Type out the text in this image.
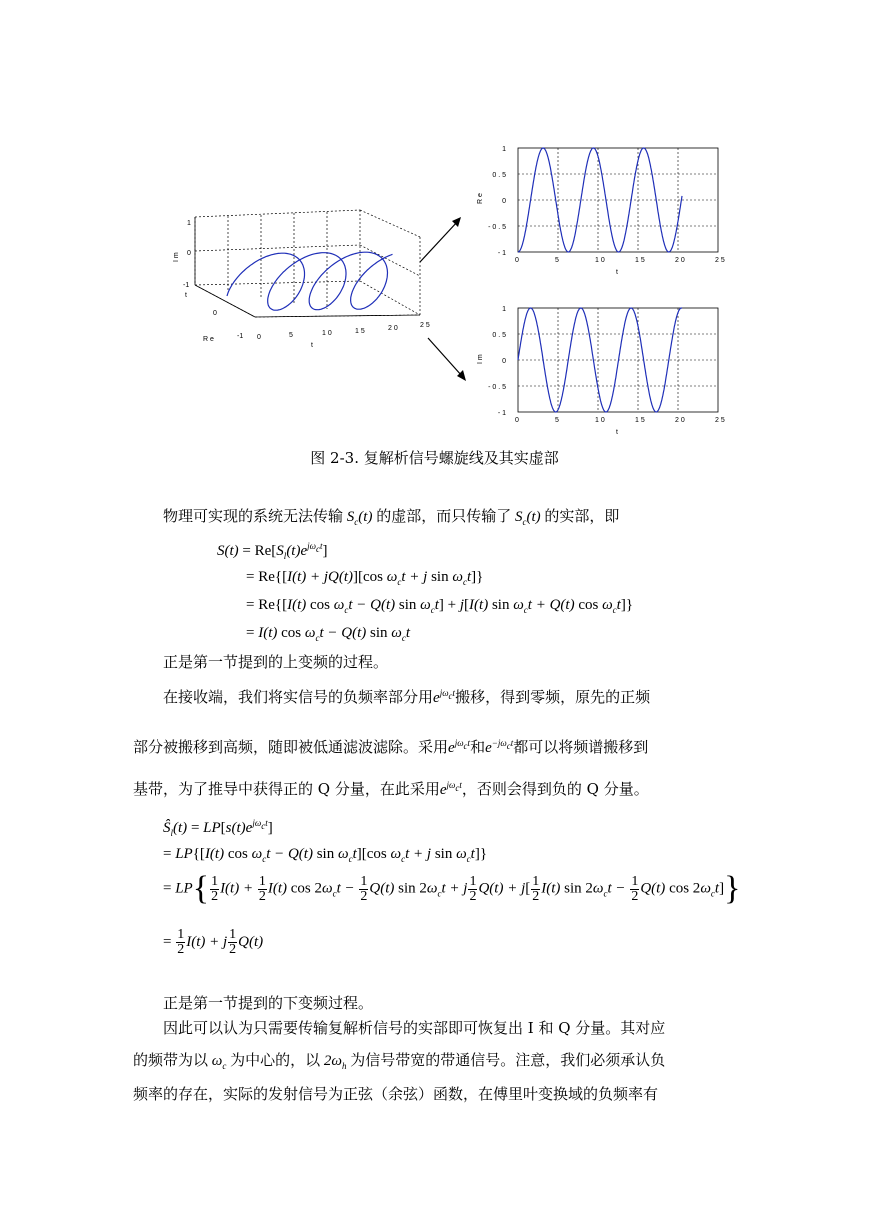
1
0
-1
I m
t
0
-1
R e	0	5	1 0	1 5	2 0	2 5
t
0	5	1 0	1 5	2 0	2 5
1
0 . 5
0
- 0 . 5
- 1
R e
t
0	5	1 0	1 5	2 0	2 5
1
0 . 5
0
- 0 . 5
- 1
I m
t
图 2-3. 复解析信号螺旋线及其实虚部
物理可实现的系统无法传输 $S_c(t)$ 的虚部，而只传输了 $S_c(t)$ 的实部，即
$S(t) = Re[S_l(t)e^{j\omega_ct}]$
= Re{[I(t) + jQ(t)][cos $\omega_ct + j$ $\sin \omega_ct$]}
= Re{[I(t) $\cos \omega_ct - Q(t)$ $\sin \omega_ct] + j[I(t)$ $\sin \omega_ct + Q(t)$ $\cos \omega_ct$]}
= I(t) $\cos \omega_ct - Q(t)$ $\sin \omega_ct$
正是第一节提到的上变频的过程。
在接收端，我们将实信号的负频率部分用$e^{j\omega_ct}$搬移，得到零频，原先的正频
部分被搬移到高频，随即被低通滤波滤除。采用$e^{j\omega_ct}$和$e^{-j\omega_ct}$都可以将频谱搬移到
基带，为了推导中获得正的 Q 分量，在此采用$e^{j\omega_ct}$，否则会得到负的 Q 分量。
$Ŝ_l(t) = LP[s(t)e^{j\omega_ct}]$
= LP{[I(t) $\cos \omega_ct - Q(t)$ $\sin \omega_ct][\cos$ $\omega_ct + j$ $\sin \omega_ct$]}
= $LP\{ \frac{1}{2} I(t) + \frac{1}{2} I(t)$ $\cos 2\omega_ct - \frac{1}{2} Q(t)$ $\sin 2\omega_ct + j \frac{1}{2} Q(t) + j[ \frac{1}{2} I(t)$ $\sin 2\omega_ct - \frac{1}{2} Q(t)$ $\cos 2\omega_ct$]}
= $\frac{1}{2} I(t) + j \frac{1}{2} Q(t)$
正是第一节提到的下变频过程。
因此可以认为只需要传输复解析信号的实部即可恢复出 I 和 Q 分量。其对应
的频带为以 $\omega_c$ 为中心的，以 $2\omega_h$ 为信号带宽的带通信号。注意，我们必须承认负
频率的存在，实际的发射信号为正弦（余弦）函数，在傅里叶变换域的负频率有
